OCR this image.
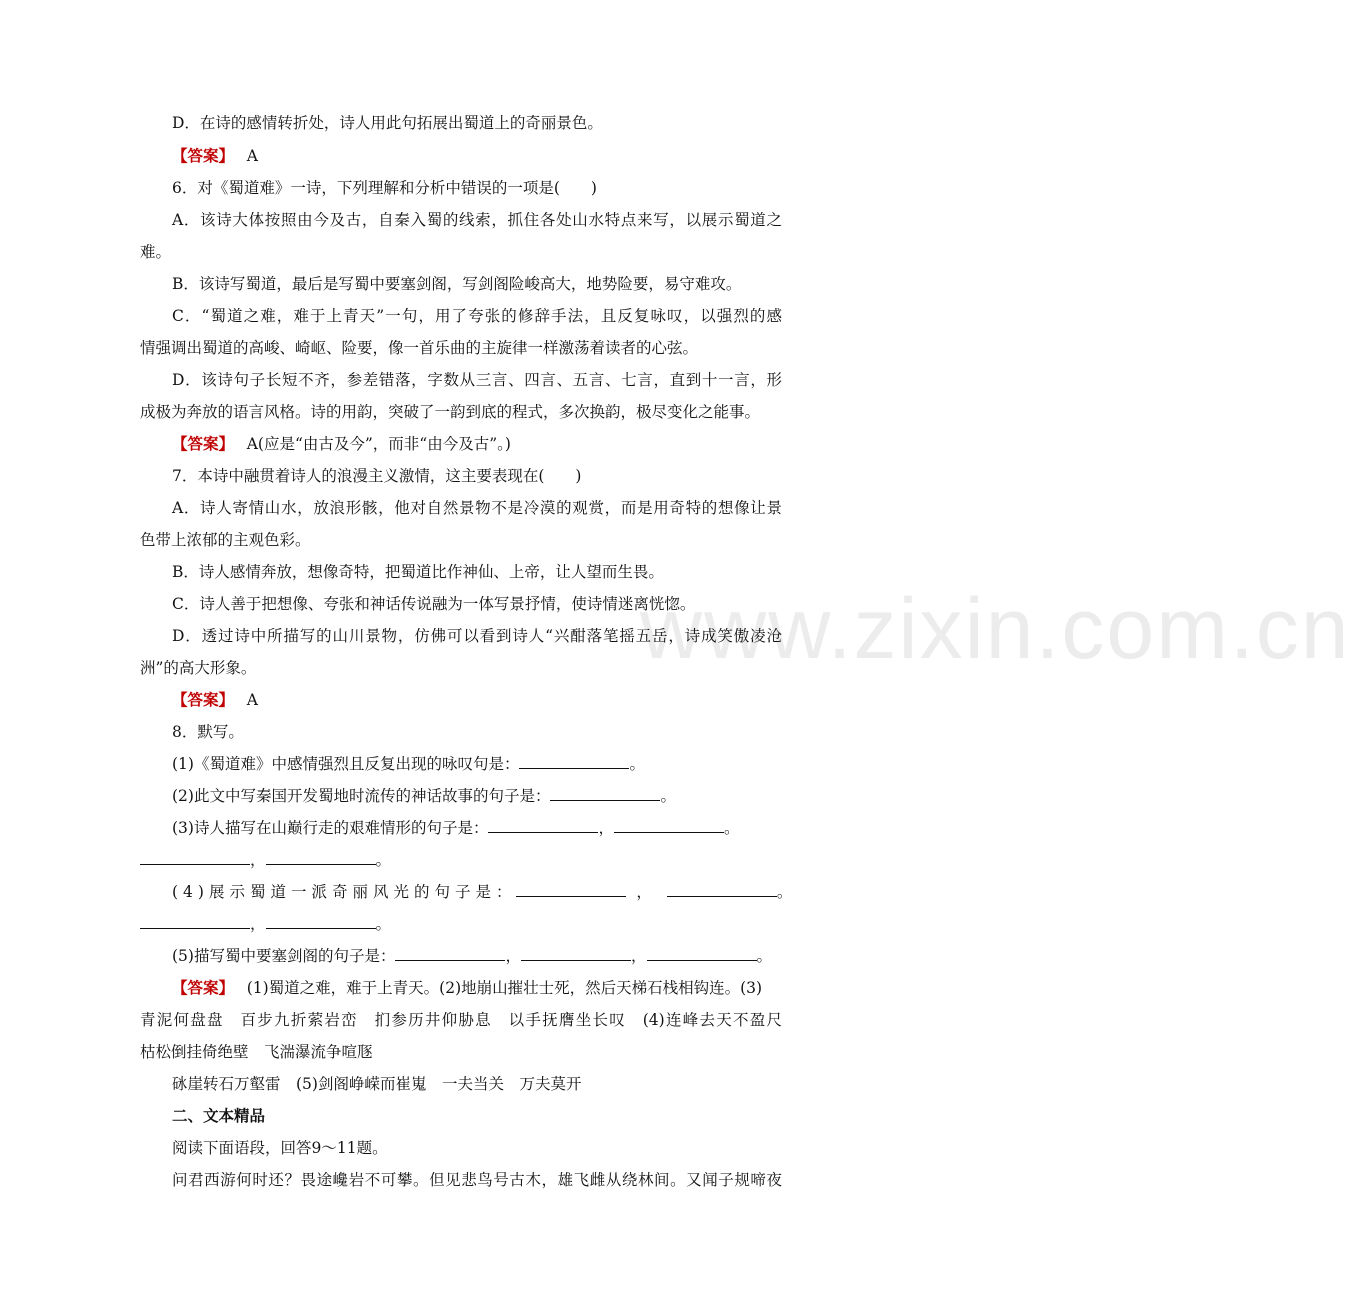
www.zixin.com.cn
D．在诗的感情转折处，诗人用此句拓展出蜀道上的奇丽景色。
【答案】　 A
6．对《蜀道难》一诗，下列理解和分析中错误的一项是(　　)
A．该诗大体按照由今及古，自秦入蜀的线索，抓住各处山水特点来写，以展示蜀道之
难。
B．该诗写蜀道，最后是写蜀中要塞剑阁，写剑阁险峻高大，地势险要，易守难攻。
C．“蜀道之难，难于上青天”一句，用了夸张的修辞手法，且反复咏叹，以强烈的感
情强调出蜀道的高峻、崎岖、险要，像一首乐曲的主旋律一样激荡着读者的心弦。
D．该诗句子长短不齐，参差错落，字数从三言、四言、五言、七言，直到十一言，形
成极为奔放的语言风格。诗的用韵，突破了一韵到底的程式，多次换韵，极尽变化之能事。
【答案】　 A(应是“由古及今”，而非“由今及古”。)
7．本诗中融贯着诗人的浪漫主义激情，这主要表现在(　　)
A．诗人寄情山水，放浪形骸，他对自然景物不是冷漠的观赏，而是用奇特的想像让景
色带上浓郁的主观色彩。
B．诗人感情奔放，想像奇特，把蜀道比作神仙、上帝，让人望而生畏。
C．诗人善于把想像、夸张和神话传说融为一体写景抒情，使诗情迷离恍惚。
D．透过诗中所描写的山川景物，仿佛可以看到诗人“兴酣落笔摇五岳，诗成笑傲凌沧
洲”的高大形象。
【答案】　 A
8．默写。
(1)《蜀道难》中感情强烈且反复出现的咏叹句是：	。
(2)此文中写秦国开发蜀地时流传的神话故事的句子是：	。
(3)诗人描写在山巅行走的艰难情形的句子是：	，	。
，	。
(4)展示蜀道一派奇丽风光的句子是：	，	。
，	。
(5)描写蜀中要塞剑阁的句子是：	，	，	。
【答案】　 (1)蜀道之难，难于上青天。(2)地崩山摧壮士死，然后天梯石栈相钩连。(3)
青泥何盘盘　百步九折萦岩峦　扪参历井仰胁息　以手抚膺坐长叹　(4)连峰去天不盈尺
枯松倒挂倚绝壁　飞湍瀑流争喧豗
砯崖转石万壑雷　(5)剑阁峥嵘而崔嵬　一夫当关　万夫莫开
二、文本精品
阅读下面语段，回答9～11题。
问君西游何时还？畏途巉岩不可攀。但见悲鸟号古木，雄飞雌从绕林间。又闻子规啼夜
